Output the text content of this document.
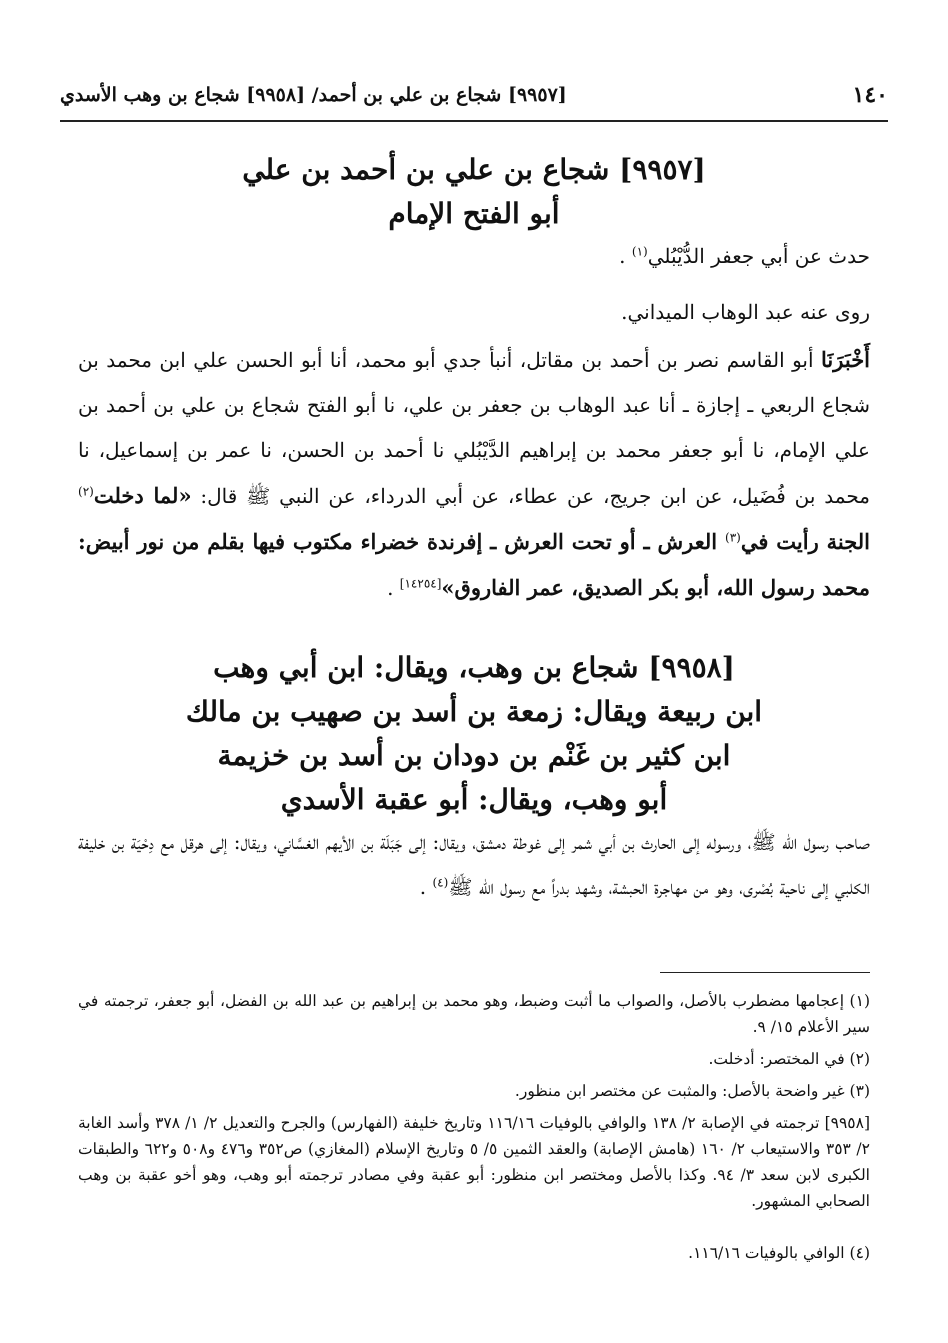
١٤٠
[٩٩٥٧] شجاع بن علي بن أحمد/ [٩٩٥٨] شجاع بن وهب الأسدي
[٩٩٥٧] شجاع بن علي بن أحمد بن علي
أبو الفتح الإمام
حدث عن أبي جعفر الدُّيْبُلي$^{(١)}$ .
روى عنه عبد الوهاب الميداني.
أَخْبَرَنَا أبو القاسم نصر بن أحمد بن مقاتل، أنبأ جدي أبو محمد، أنا أبو الحسن علي ابن محمد بن شجاع الربعي ـ إجازة ـ أنا عبد الوهاب بن جعفر بن علي، نا أبو الفتح شجاع بن علي بن أحمد بن علي الإمام، نا أبو جعفر محمد بن إبراهيم الدَّيْبُلي نا أحمد بن الحسن، نا عمر بن إسماعيل، نا محمد بن فُضَيل، عن ابن جريج، عن عطاء، عن أبي الدرداء، عن النبي ﷺ قال: «لما دخلت$^{(٢)}$ الجنة رأيت في$^{(٣)}$ العرش ـ أو تحت العرش ـ إفرندة خضراء مكتوب فيها بقلم من نور أبيض: محمد رسول الله، أبو بكر الصديق، عمر الفاروق»[١٤٢٥٤] .
[٩٩٥٨] شجاع بن وهب، ويقال: ابن أبي وهب
ابن ربيعة ويقال: زمعة بن أسد بن صهيب بن مالك
ابن كثير بن غَنْم بن دودان بن أسد بن خزيمة
أبو وهب، ويقال: أبو عقبة الأسدي
صاحب رسول الله ﷺ، ورسوله إلى الحارث بن أبي شمر إلى غوطة دمشق، ويقال: إلى جَبَلَة بن الأيهم الغسَّاني، ويقال: إلى هرقل مع دِحْيَة بن خليفة الكلبي إلى ناحية بُصْرى، وهو من مهاجرة الحبشة، وشهد بدراً مع رسول الله ﷺ$^{(٤)}$ .
(١) إعجامها مضطرب بالأصل، والصواب ما أثبت وضبط، وهو محمد بن إبراهيم بن عبد الله بن الفضل، أبو جعفر، ترجمته في سير الأعلام ١٥/ ٩.
(٢) في المختصر: أدخلت.
(٣) غير واضحة بالأصل: والمثبت عن مختصر ابن منظور.
[٩٩٥٨] ترجمته في الإصابة ٢/ ١٣٨ والوافي بالوفيات ١١٦/١٦ وتاريخ خليفة (الفهارس) والجرح والتعديل ٢/ ١/ ٣٧٨ وأسد الغابة ٢/ ٣٥٣ والاستيعاب ٢/ ١٦٠ (هامش الإصابة) والعقد الثمين ٥/ ٥ وتاريخ الإسلام (المغازي) ص٣٥٢ و٤٧٦ و٥٠٨ و٦٢٢ والطبقات الكبرى لابن سعد ٣/ ٩٤. وكذا بالأصل ومختصر ابن منظور: أبو عقبة وفي مصادر ترجمته أبو وهب، وهو أخو عقبة بن وهب الصحابي المشهور.
(٤) الوافي بالوفيات ١١٦/١٦.
